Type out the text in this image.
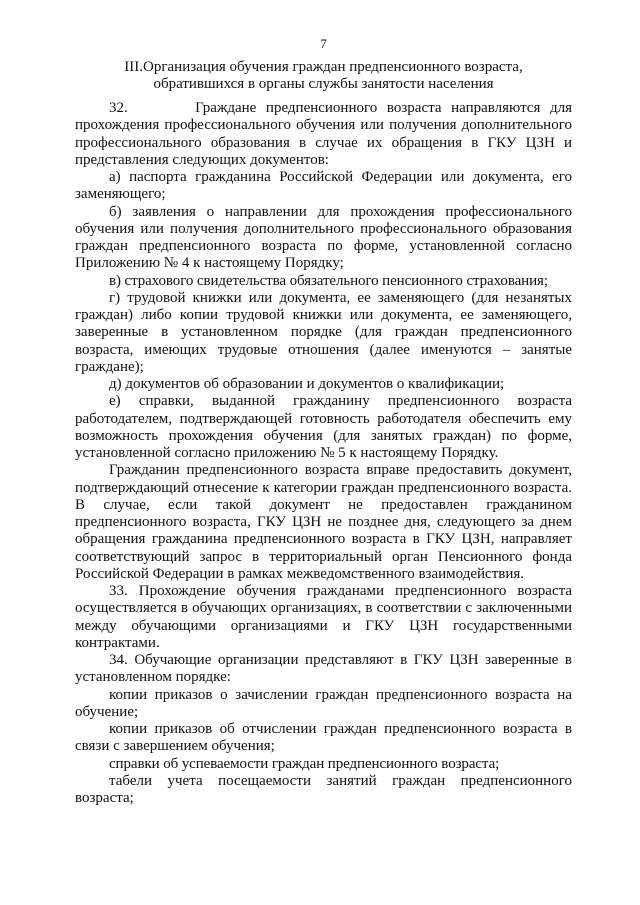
7
III.Организация обучения граждан предпенсионного возраста,
обратившихся в органы службы занятости населения

32.       Граждане предпенсионного возраста направляются для прохождения профессионального обучения или получения дополнительного профессионального образования в случае их обращения в ГКУ ЦЗН и представления следующих документов:

а) паспорта гражданина Российской Федерации или документа, его заменяющего;

б) заявления о направлении для прохождения профессионального обучения или получения дополнительного профессионального образования граждан предпенсионного возраста по форме, установленной согласно Приложению № 4 к настоящему Порядку;

в) страхового свидетельства обязательного пенсионного страхования;

г) трудовой книжки или документа, ее заменяющего (для незанятых граждан) либо копии трудовой книжки или документа, ее заменяющего, заверенные в установленном порядке (для граждан предпенсионного возраста, имеющих трудовые отношения (далее именуются – занятые граждане);

д) документов об образовании и документов о квалификации;

е) справки, выданной гражданину предпенсионного возраста работодателем, подтверждающей готовность работодателя обеспечить ему возможность прохождения обучения (для занятых граждан) по форме, установленной согласно приложению № 5 к настоящему Порядку.

Гражданин предпенсионного возраста вправе предоставить документ, подтверждающий отнесение к категории граждан предпенсионного возраста. В случае, если такой документ не предоставлен гражданином предпенсионного возраста, ГКУ ЦЗН не позднее дня, следующего за днем обращения гражданина предпенсионного возраста в ГКУ ЦЗН, направляет соответствующий запрос в территориальный орган Пенсионного фонда Российской Федерации в рамках межведомственного взаимодействия.

33. Прохождение обучения гражданами предпенсионного возраста осуществляется в обучающих организациях, в соответствии с заключенными между обучающими организациями и ГКУ ЦЗН государственными контрактами.

34. Обучающие организации представляют в ГКУ ЦЗН заверенные в установленном порядке:

копии приказов о зачислении граждан предпенсионного возраста на обучение;

копии приказов об отчислении граждан предпенсионного возраста в связи с завершением обучения;

справки об успеваемости граждан предпенсионного возраста;

табели учета посещаемости занятий граждан предпенсионного возраста;
